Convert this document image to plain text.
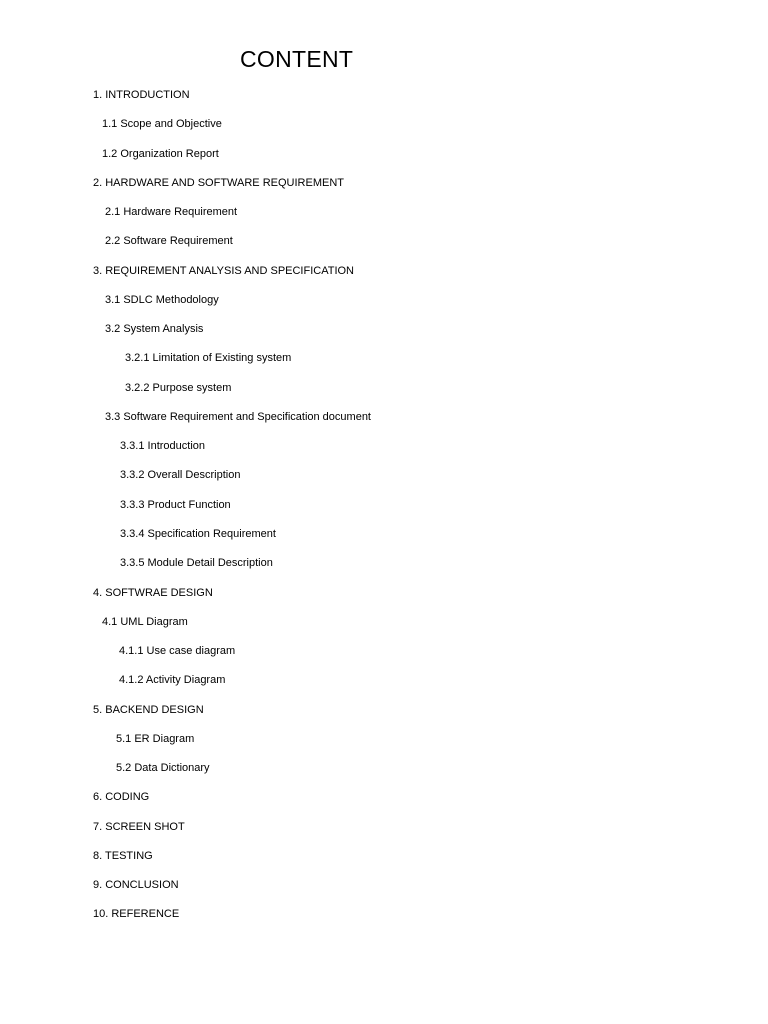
CONTENT
1. INTRODUCTION
1.1 Scope and Objective
1.2 Organization Report
2. HARDWARE AND SOFTWARE REQUIREMENT
2.1 Hardware Requirement
2.2 Software Requirement
3. REQUIREMENT ANALYSIS AND SPECIFICATION
3.1 SDLC Methodology
3.2 System Analysis
3.2.1 Limitation of Existing system
3.2.2 Purpose system
3.3 Software Requirement and Specification document
3.3.1 Introduction
3.3.2 Overall Description
3.3.3 Product Function
3.3.4 Specification Requirement
3.3.5 Module Detail Description
4. SOFTWRAE DESIGN
4.1 UML Diagram
4.1.1 Use case diagram
4.1.2 Activity Diagram
5. BACKEND DESIGN
5.1 ER Diagram
5.2 Data Dictionary
6. CODING
7. SCREEN SHOT
8. TESTING
9. CONCLUSION
10. REFERENCE
